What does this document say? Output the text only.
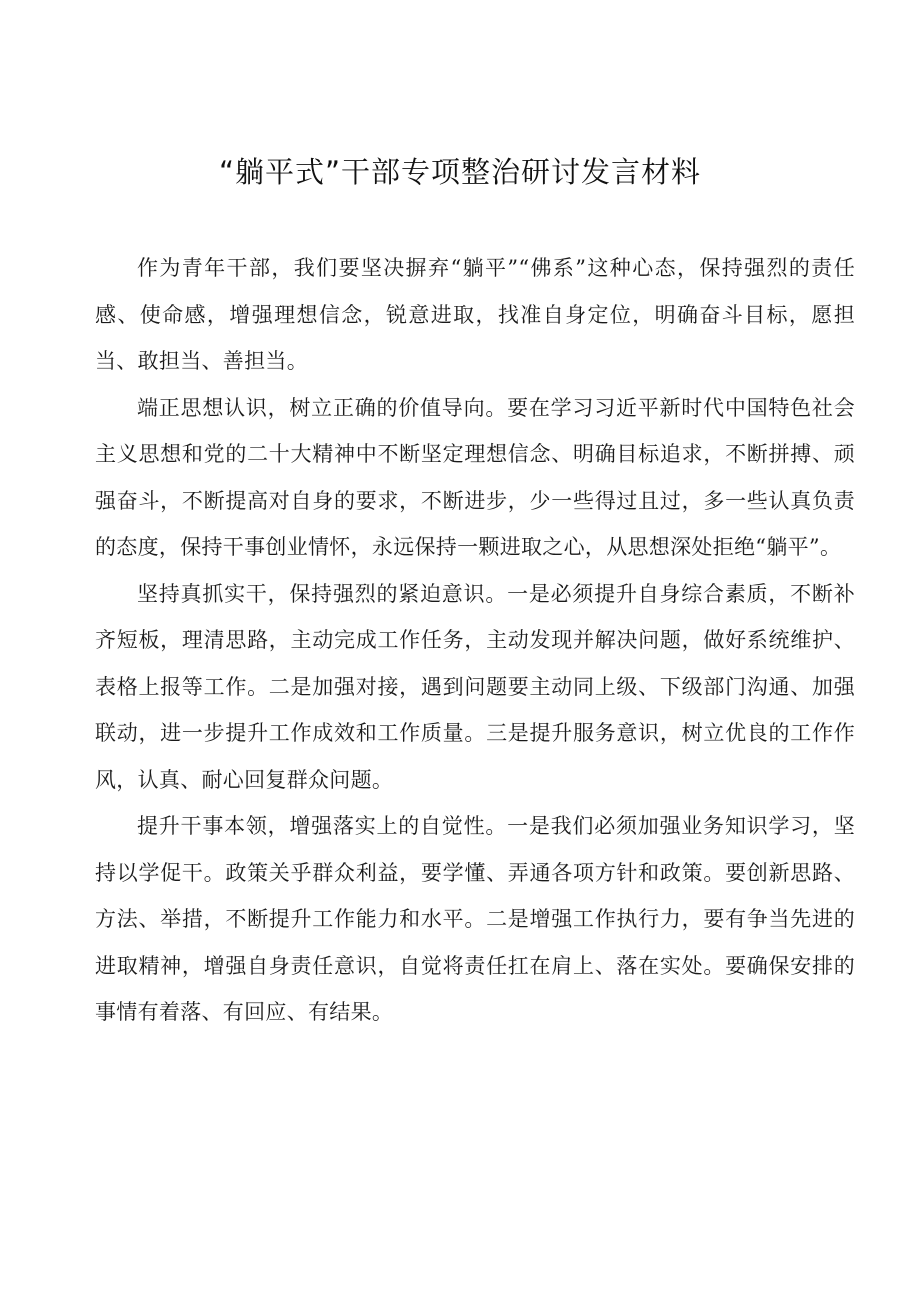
“躺平式”干部专项整治研讨发言材料

作为青年干部，我们要坚决摒弃“躺平”“佛系”这种心态，保持强烈的责任感、使命感，增强理想信念，锐意进取，找准自身定位，明确奋斗目标，愿担当、敢担当、善担当。

端正思想认识，树立正确的价值导向。要在学习习近平新时代中国特色社会主义思想和党的二十大精神中不断坚定理想信念、明确目标追求，不断拼搏、顽强奋斗，不断提高对自身的要求，不断进步，少一些得过且过，多一些认真负责的态度，保持干事创业情怀，永远保持一颗进取之心，从思想深处拒绝“躺平”。

坚持真抓实干，保持强烈的紧迫意识。一是必须提升自身综合素质，不断补齐短板，理清思路，主动完成工作任务，主动发现并解决问题，做好系统维护、表格上报等工作。二是加强对接，遇到问题要主动同上级、下级部门沟通、加强联动，进一步提升工作成效和工作质量。三是提升服务意识，树立优良的工作作风，认真、耐心回复群众问题。

提升干事本领，增强落实上的自觉性。一是我们必须加强业务知识学习，坚持以学促干。政策关乎群众利益，要学懂、弄通各项方针和政策。要创新思路、方法、举措，不断提升工作能力和水平。二是增强工作执行力，要有争当先进的进取精神，增强自身责任意识，自觉将责任扛在肩上、落在实处。要确保安排的事情有着落、有回应、有结果。
